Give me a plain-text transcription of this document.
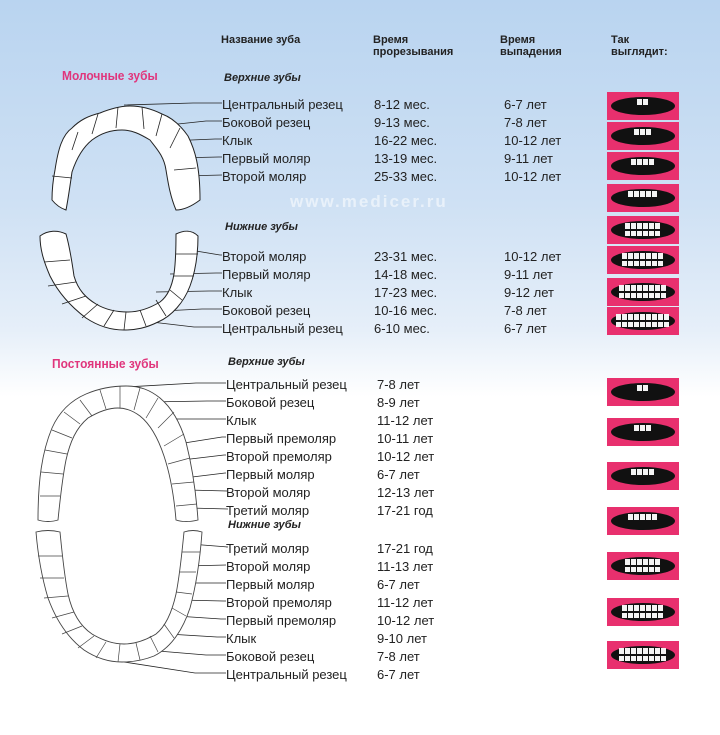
Название зуба	Время
прорезывания
Время
выпадения
Так
выглядит:
www.medicer.ru
Молочные зубы
Постоянные зубы
Верхние зубы
Нижние зубы
Верхние зубы
Нижние зубы
Центральный резец 8-12 мес.	6-7 лет
Боковой резец	9-13 мес.	7-8 лет
Клык	16-22 мес.	10-12 лет
Первый моляр	13-19 мес.	9-11 лет
Второй моляр	25-33 мес.	10-12 лет
Второй моляр	23-31 мес.	10-12 лет
Первый моляр	14-18 мес.	9-11 лет
Клык	17-23 мес.	9-12 лет
Боковой резец	10-16 мес.	7-8 лет
Центральный резец 6-10 мес.	6-7 лет
Центральный резец 7-8 лет
Боковой резец	8-9 лет
Клык	11-12 лет
Первый премоляр	10-11 лет
Второй премоляр	10-12 лет
Первый моляр	6-7 лет
Второй моляр	12-13 лет
Третий моляр	17-21 год
Третий моляр	17-21 год
Второй моляр	11-13 лет
Первый моляр	6-7 лет
Второй премоляр	11-12 лет
Первый премоляр	10-12 лет
Клык	9-10 лет
Боковой резец	7-8 лет
Центральный резец 6-7 лет
